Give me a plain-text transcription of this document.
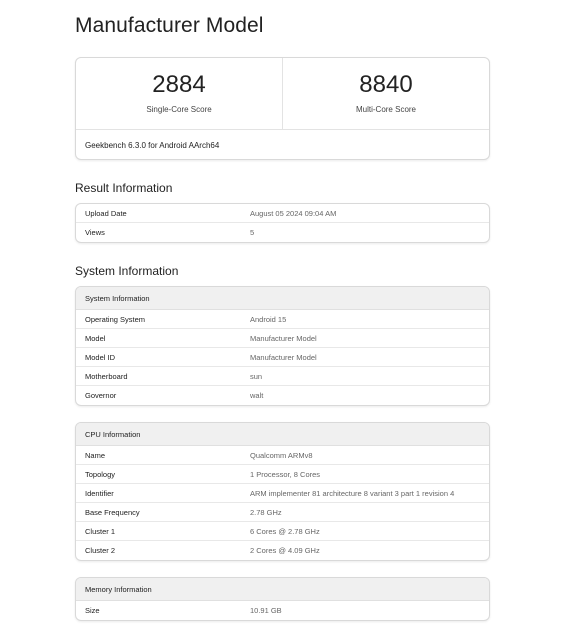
Manufacturer Model
2884
Single-Core Score
8840
Multi-Core Score
Geekbench 6.3.0 for Android AArch64
Result Information
Upload Date	August 05 2024 09:04 AM
Views	5
System Information
System Information
Operating System	Android 15
Model	Manufacturer Model
Model ID	Manufacturer Model
Motherboard	sun
Governor	walt
CPU Information
Name	Qualcomm ARMv8
Topology	1 Processor, 8 Cores
Identifier	ARM implementer 81 architecture 8 variant 3 part 1 revision 4
Base Frequency	2.78 GHz
Cluster 1	6 Cores @ 2.78 GHz
Cluster 2	2 Cores @ 4.09 GHz
Memory Information
Size	10.91 GB
